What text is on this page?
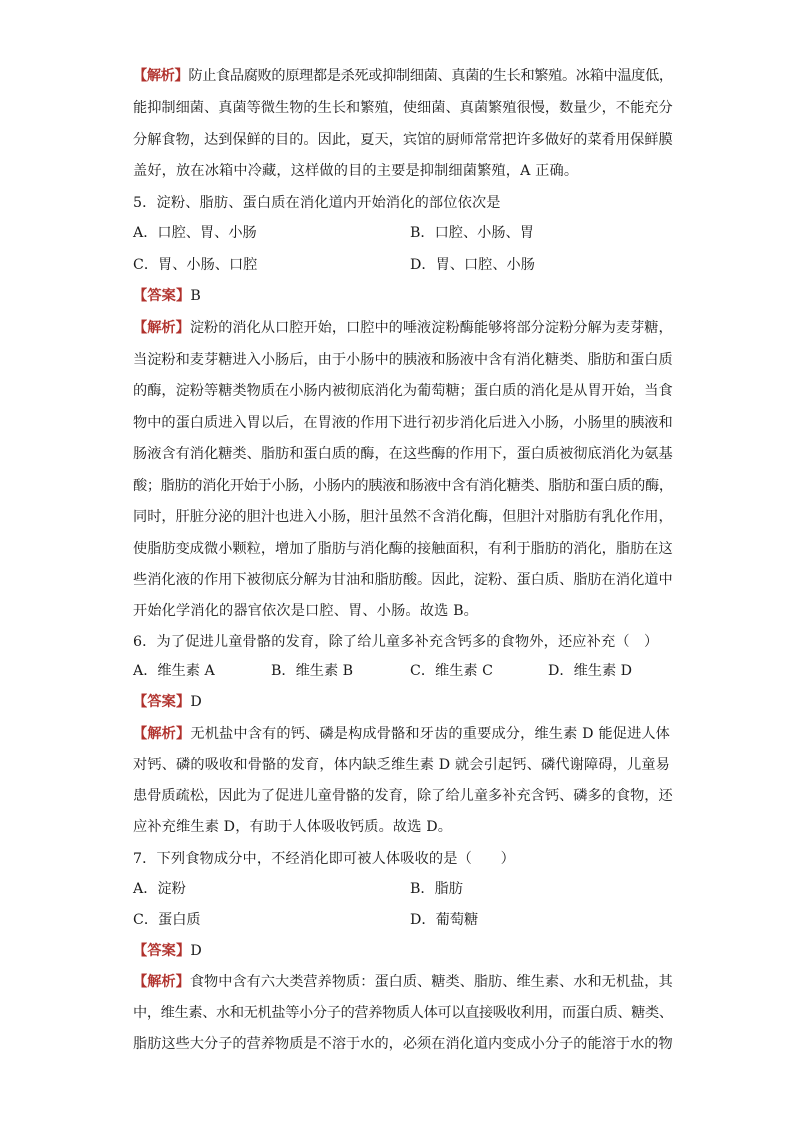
【解析】防止食品腐败的原理都是杀死或抑制细菌、真菌的生长和繁殖。冰箱中温度低，
能抑制细菌、真菌等微生物的生长和繁殖，使细菌、真菌繁殖很慢，数量少，不能充分
分解食物，达到保鲜的目的。因此，夏天，宾馆的厨师常常把许多做好的菜肴用保鲜膜
盖好，放在冰箱中冷藏，这样做的目的主要是抑制细菌繁殖，A 正确。
5．淀粉、脂肪、蛋白质在消化道内开始消化的部位依次是
A．口腔、胃、小肠	B．口腔、小肠、胃
C．胃、小肠、口腔	D．胃、口腔、小肠
【答案】B
【解析】淀粉的消化从口腔开始，口腔中的唾液淀粉酶能够将部分淀粉分解为麦芽糖，
当淀粉和麦芽糖进入小肠后，由于小肠中的胰液和肠液中含有消化糖类、脂肪和蛋白质
的酶，淀粉等糖类物质在小肠内被彻底消化为葡萄糖；蛋白质的消化是从胃开始，当食
物中的蛋白质进入胃以后，在胃液的作用下进行初步消化后进入小肠，小肠里的胰液和
肠液含有消化糖类、脂肪和蛋白质的酶，在这些酶的作用下，蛋白质被彻底消化为氨基
酸；脂肪的消化开始于小肠，小肠内的胰液和肠液中含有消化糖类、脂肪和蛋白质的酶，
同时，肝脏分泌的胆汁也进入小肠，胆汁虽然不含消化酶，但胆汁对脂肪有乳化作用，
使脂肪变成微小颗粒，增加了脂肪与消化酶的接触面积，有利于脂肪的消化，脂肪在这
些消化液的作用下被彻底分解为甘油和脂肪酸。因此，淀粉、蛋白质、脂肪在消化道中
开始化学消化的器官依次是口腔、胃、小肠。故选 B。
6．为了促进儿童骨骼的发育，除了给儿童多补充含钙多的食物外，还应补充（　）
A．维生素 A	B．维生素 B	C．维生素 C	D．维生素 D
【答案】D
【解析】无机盐中含有的钙、磷是构成骨骼和牙齿的重要成分，维生素 D 能促进人体
对钙、磷的吸收和骨骼的发育，体内缺乏维生素 D 就会引起钙、磷代谢障碍，儿童易
患骨质疏松，因此为了促进儿童骨骼的发育，除了给儿童多补充含钙、磷多的食物，还
应补充维生素 D，有助于人体吸收钙质。故选 D。
7．下列食物成分中，不经消化即可被人体吸收的是（　　）
A．淀粉	B．脂肪
C．蛋白质	D．葡萄糖
【答案】D
【解析】食物中含有六大类营养物质：蛋白质、糖类、脂肪、维生素、水和无机盐，其
中，维生素、水和无机盐等小分子的营养物质人体可以直接吸收利用，而蛋白质、糖类、
脂肪这些大分子的营养物质是不溶于水的，必须在消化道内变成小分子的能溶于水的物
